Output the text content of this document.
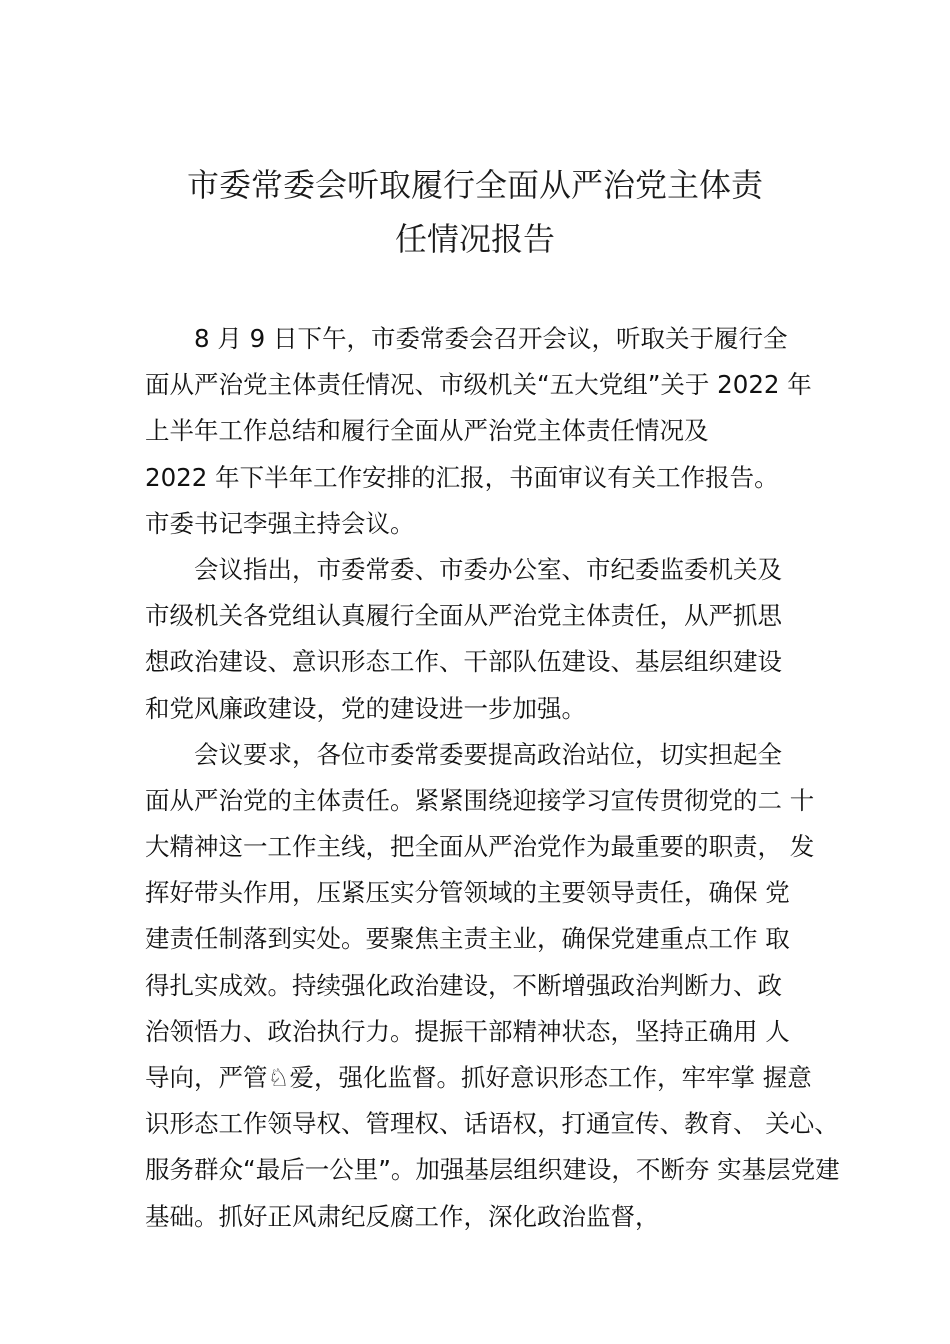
市委常委会听取履行全面从严治党主体责
任情况报告
8 月 9 日下午，市委常委会召开会议，听取关于履行全
面从严治党主体责任情况、市级机关“五大党组”关于 2022 年
上半年工作总结和履行全面从严治党主体责任情况及
2022 年下半年工作安排的汇报，书面审议有关工作报告。
市委书记李强主持会议。
会议指出，市委常委、市委办公室、市纪委监委机关及
市级机关各党组认真履行全面从严治党主体责任，从严抓思
想政治建设、意识形态工作、干部队伍建设、基层组织建设
和党风廉政建设，党的建设进一步加强。
会议要求，各位市委常委要提高政治站位，切实担起全
面从严治党的主体责任。紧紧围绕迎接学习宣传贯彻党的二 十
大精神这一工作主线，把全面从严治党作为最重要的职责， 发
挥好带头作用，压紧压实分管领域的主要领导责任，确保 党
建责任制落到实处。要聚焦主责主业，确保党建重点工作 取
得扎实成效。持续强化政治建设，不断增强政治判断力、政
治领悟力、政治执行力。提振干部精神状态，坚持正确用 人
导向，严管♘爱，强化监督。抓好意识形态工作，牢牢掌 握意
识形态工作领导权、管理权、话语权，打通宣传、教育、 关心、
服务群众“最后一公里”。加强基层组织建设，不断夯 实基层党建
基础。抓好正风肃纪反腐工作，深化政治监督，
